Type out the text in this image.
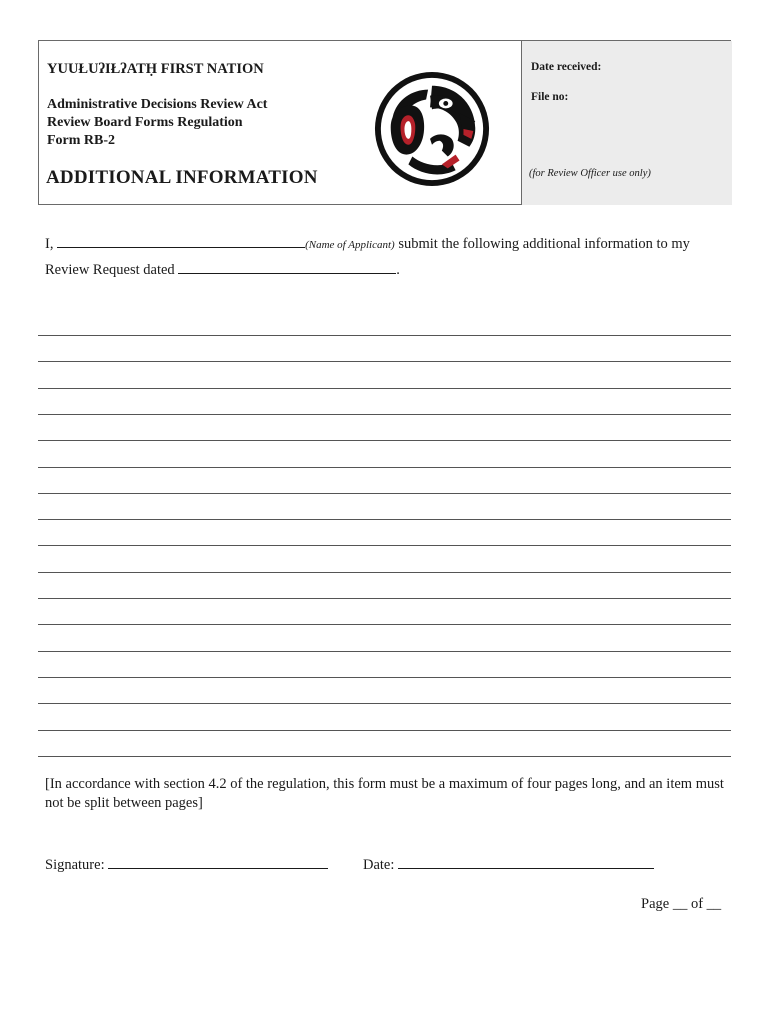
YUUŁUʔIŁʔATḤ FIRST NATION
Administrative Decisions Review Act
Review Board Forms Regulation
Form RB-2
ADDITIONAL INFORMATION
Date received:
File no:
(for Review Officer use only)
I,	(Name of Applicant) submit the following additional information to my
Review Request dated	.
[In accordance with section 4.2 of the regulation, this form must be a maximum of four pages long, and an item must not be split between pages]
Signature:	Date:
Page __ of __
